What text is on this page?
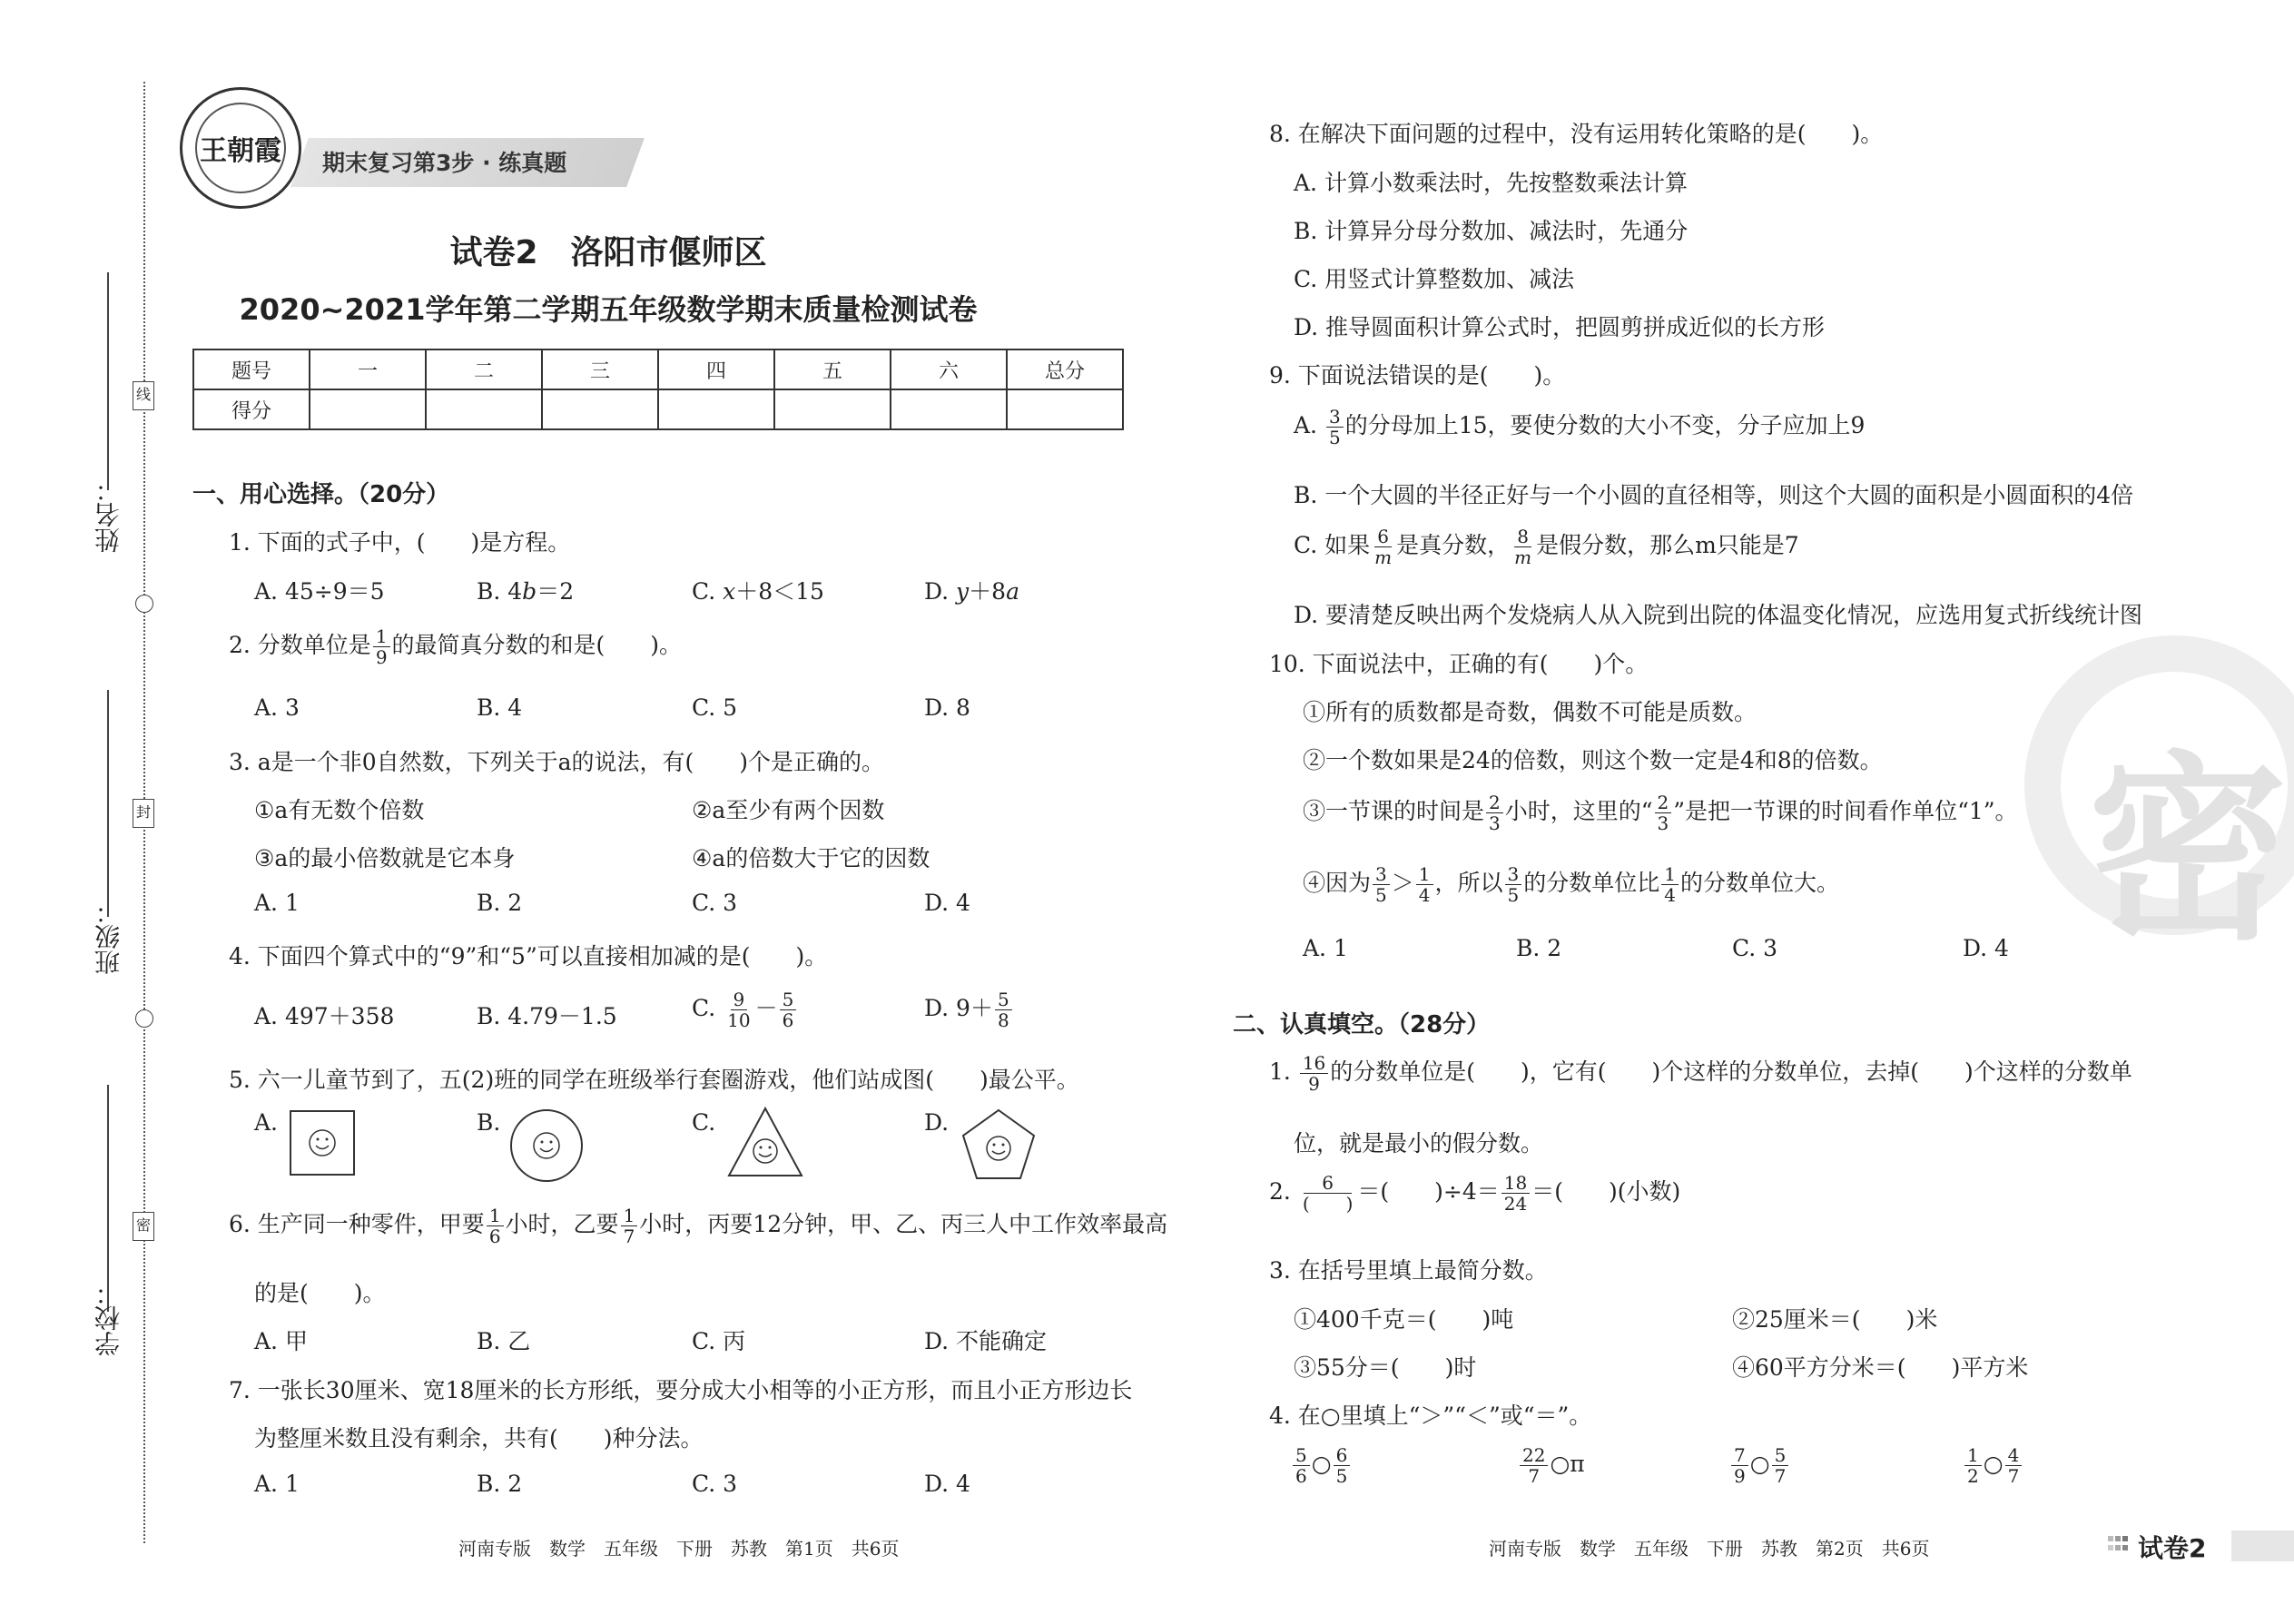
密
姓名：
班级：
学校：
线
封
密
王朝霞 期末复习第3步 · 练真题
试卷2　洛阳市偃师区
2020~2021学年第二学期五年级数学期末质量检测试卷
题号	一	二	三	四	五	六	总分
得分							
一、用心选择。（20分）
1. 下面的式子中，(　　)是方程。
A. 45÷9＝5	B. 4b＝2	C. x＋8＜15	D. y＋8a
2. 分数单位是 $\frac{1}{9}$ 的最简真分数的和是(　　)。
A. 3	B. 4	C. 5	D. 8
3. a是一个非0自然数，下列关于a的说法，有(　　)个是正确的。
①a有无数个倍数	②a至少有两个因数
③a的最小倍数就是它本身	④a的倍数大于它的因数
A. 1	B. 2	C. 3	D. 4
4. 下面四个算式中的“9”和“5”可以直接相加减的是(　　)。
A. 497＋358	B. 4.79－1.5	C. $\frac{9}{10} - \frac{5}{6}$	D. $9+ \frac{5}{8}$
5. 六一儿童节到了，五(2)班的同学在班级举行套圈游戏，他们站成图(　　)最公平。
A.	B.	C.	D.
6. 生产同一种零件，甲要 $\frac{1}{6}$ 小时，乙要 $\frac{1}{7}$ 小时，丙要12分钟，甲、乙、丙三人中工作效率最高
的是(　　)。
A. 甲	B. 乙	C. 丙	D. 不能确定
7. 一张长30厘米、宽18厘米的长方形纸，要分成大小相等的小正方形，而且小正方形边长
为整厘米数且没有剩余，共有(　　)种分法。
A. 1	B. 2	C. 3	D. 4
河南专版　数学　五年级　下册　苏教　第1页　共6页
8. 在解决下面问题的过程中，没有运用转化策略的是(　　)。
A. 计算小数乘法时，先按整数乘法计算
B. 计算异分母分数加、减法时，先通分
C. 用竖式计算整数加、减法
D. 推导圆面积计算公式时，把圆剪拼成近似的长方形
9. 下面说法错误的是(　　)。
A. $\frac{3}{5}$ 的分母加上15，要使分数的大小不变，分子应加上9
B. 一个大圆的半径正好与一个小圆的直径相等，则这个大圆的面积是小圆面积的4倍
C. 如果 $\frac{6}{m}$ 是真分数， $\frac{8}{m}$ 是假分数，那么m只能是7
D. 要清楚反映出两个发烧病人从入院到出院的体温变化情况，应选用复式折线统计图
10. 下面说法中，正确的有(　　)个。
①所有的质数都是奇数，偶数不可能是质数。
②一个数如果是24的倍数，则这个数一定是4和8的倍数。
③一节课的时间是 $\frac{2}{3}$ 小时，这里的“ $\frac{2}{3}$ ”是把一节课的时间看作单位“1”。
④因为 $\frac{3}{5} > \frac{1}{4}$ ，所以 $\frac{3}{5}$ 的分数单位比 $\frac{1}{4}$ 的分数单位大。
A. 1	B. 2	C. 3	D. 4
二、认真填空。（28分）
1. $\frac{16}{9}$ 的分数单位是(　　)，它有(　　)个这样的分数单位，去掉(　　)个这样的分数单
位，就是最小的假分数。
2.	6
(　　) ＝(　　)$\div 4= \frac{18}{24}$ ＝(　　)(小数)
3. 在括号里填上最简分数。
①400千克＝(　　)吨	②25厘米＝(　　)米
③55分＝(　　)时	④60平方分米＝(　　)平方米
4. 在○里填上“＞”“＜”或“＝”。
$\frac{5}{6}$ ○ $\frac{6}{5}$	$\frac{22}{7}$ ○π	$\frac{7}{9}$ ○ $\frac{5}{7}$	$\frac{1}{2}$ ○ $\frac{4}{7}$
河南专版　数学　五年级　下册　苏教　第2页　共6页	试卷2
